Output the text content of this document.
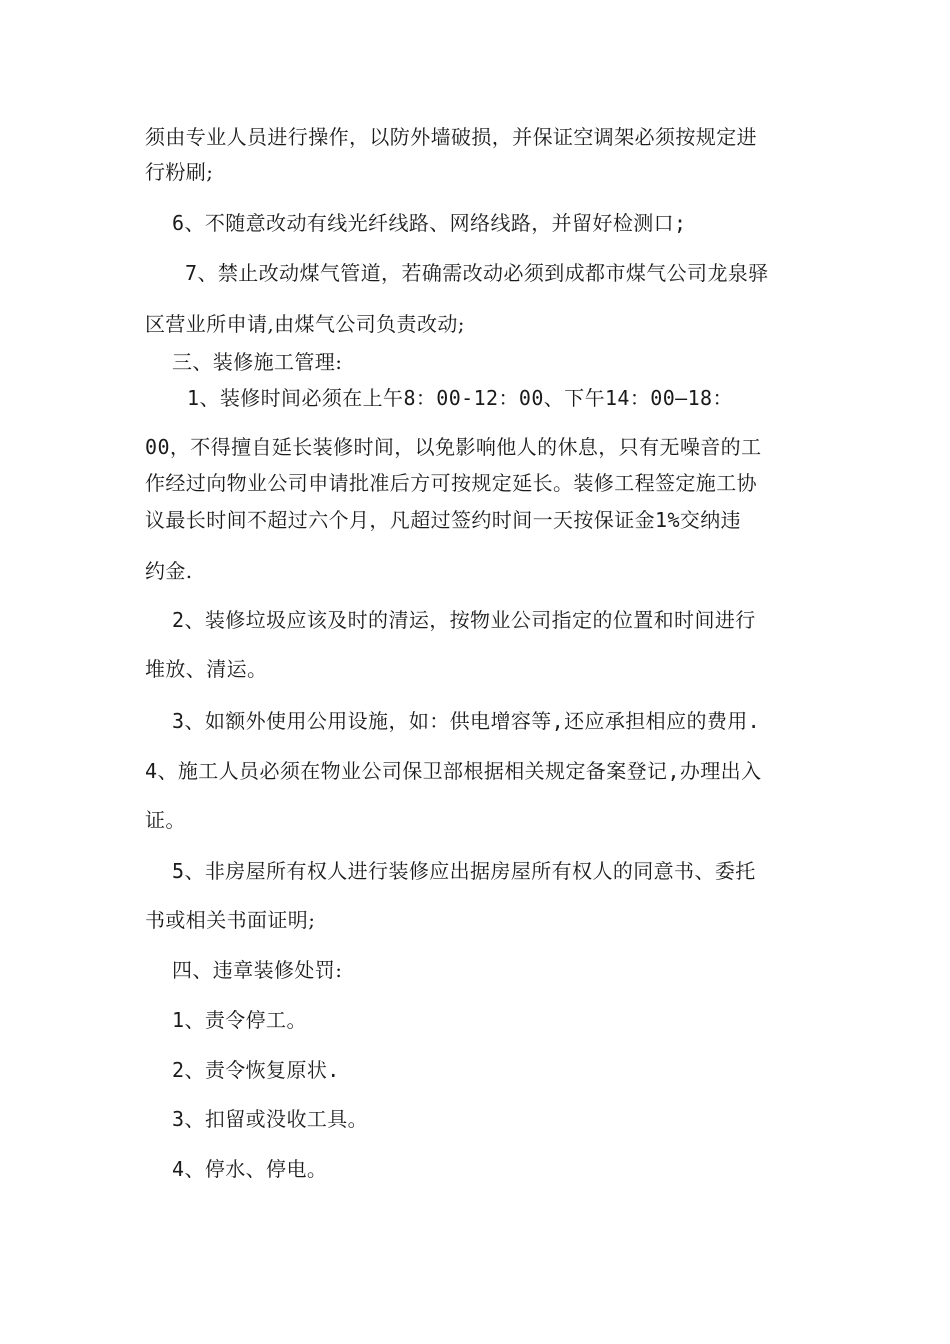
须由专业人员进行操作，以防外墙破损，并保证空调架必须按规定进
行粉刷;
6、不随意改动有线光纤线路、网络线路，并留好检测口;
7、禁止改动煤气管道，若确需改动必须到成都市煤气公司龙泉驿
区营业所申请,由煤气公司负责改动;
三、装修施工管理:
1、装修时间必须在上午8：00-12：00、下午14：00—18：
00，不得擅自延长装修时间，以免影响他人的休息，只有无噪音的工
作经过向物业公司申请批准后方可按规定延长。装修工程签定施工协
议最长时间不超过六个月，凡超过签约时间一天按保证金1%交纳违
约金.
2、装修垃圾应该及时的清运，按物业公司指定的位置和时间进行
堆放、清运。
3、如额外使用公用设施，如：供电增容等,还应承担相应的费用.
4、施工人员必须在物业公司保卫部根据相关规定备案登记,办理出入
证。
5、非房屋所有权人进行装修应出据房屋所有权人的同意书、委托
书或相关书面证明;
四、违章装修处罚:
1、责令停工。
2、责令恢复原状.
3、扣留或没收工具。
4、停水、停电。
